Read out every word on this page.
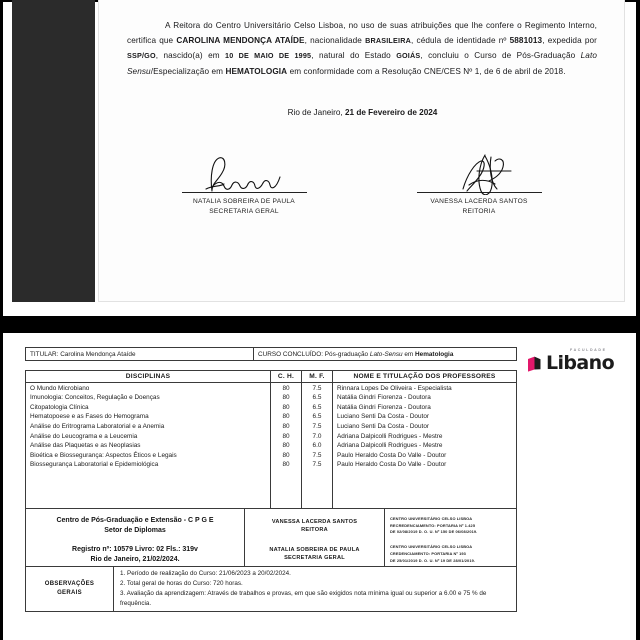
A Reitora do Centro Universitário Celso Lisboa, no uso de suas atribuições que lhe confere o Regimento Interno, certifica que CAROLINA MENDONÇA ATAÍDE, nacionalidade BRASILEIRA, cédula de identidade nº 5881013, expedida por SSP/GO, nascido(a) em 10 DE MAIO DE 1995, natural do Estado GOIÁS, concluiu o Curso de Pós-Graduação Lato Sensu/Especialização em HEMATOLOGIA em conformidade com a Resolução CNE/CES Nº 1, de 6 de abril de 2018.

Rio de Janeiro, 21 de Fevereiro de 2024
NATALIA SOBREIRA DE PAULA
SECRETARIA GERAL
VANESSA LACERDA SANTOS
REITORIA
FACULDADE
Libano
TITULAR:
Carolina Mendonça Ataíde	CURSO CONCLUÍDO:
Pós-graduação
Lato-Sensu
em
Hematologia
DISCIPLINAS	C. H.	M. F.	NOME E TITULAÇÃO DOS PROFESSORES
O Mundo Microbiano	80	7.5	Rinnara Lopes De Oliveira - Especialista
Imunologia: Conceitos, Regulação e Doenças	80	6.5	Natália Gindri Fiorenza - Doutora
Citopatologia Clínica	80	6.5	Natália Gindri Fiorenza - Doutora
Hematopoese e as Fases do Hemograma	80	6.5	Luciano Senti Da Costa - Doutor
Análise do Eritrograma Laboratorial e a Anemia	80	7.5	Luciano Senti Da Costa - Doutor
Análise do Leucograma e a Leucemia	80	7.0	Adriana Dalpicolli Rodrigues - Mestre
Análise das Plaquetas e as Neoplasias	80	6.0	Adriana Dalpicolli Rodrigues - Mestre
Bioética e Biossegurança: Aspectos Éticos e Legais	80	7.5	Paulo Heraldo Costa Do Valle - Doutor
Biossegurança Laboratorial e Epidemiológica	80	7.5	Paulo Heraldo Costa Do Valle - Doutor
Centro de Pós-Graduação e Extensão - C P G E
Setor de Diplomas
Registro nº: 10579 Livro: 02 Fls.: 319v
Rio de Janeiro, 21/02/2024.
VANESSA LACERDA SANTOS
REITORA
NATALIA SOBREIRA DE PAULA
SECRETARIA GERAL
CENTRO UNIVERSITÁRIO CELSO LISBOA
RECREDENCIAMENTO: PORTARIA Nº 1.425
DE 02/08/2019 D. O. U. Nº 150 DE 06/08/2019.
CENTRO UNIVERSITÁRIO CELSO LISBOA
CREDENCIAMENTO: PORTARIA Nº 193
DE 25/01/2019 D. O. U. Nº 19 DE 28/01/2019.
OBSERVAÇÕES
GERAIS
1. Período de realização do Curso: 21/06/2023 a 20/02/2024.
2. Total geral de horas do Curso: 720 horas.
3. Avaliação da aprendizagem: Através de trabalhos e provas, em que são exigidos nota mínima igual ou superior a 6.00 e 75 % de frequência.
